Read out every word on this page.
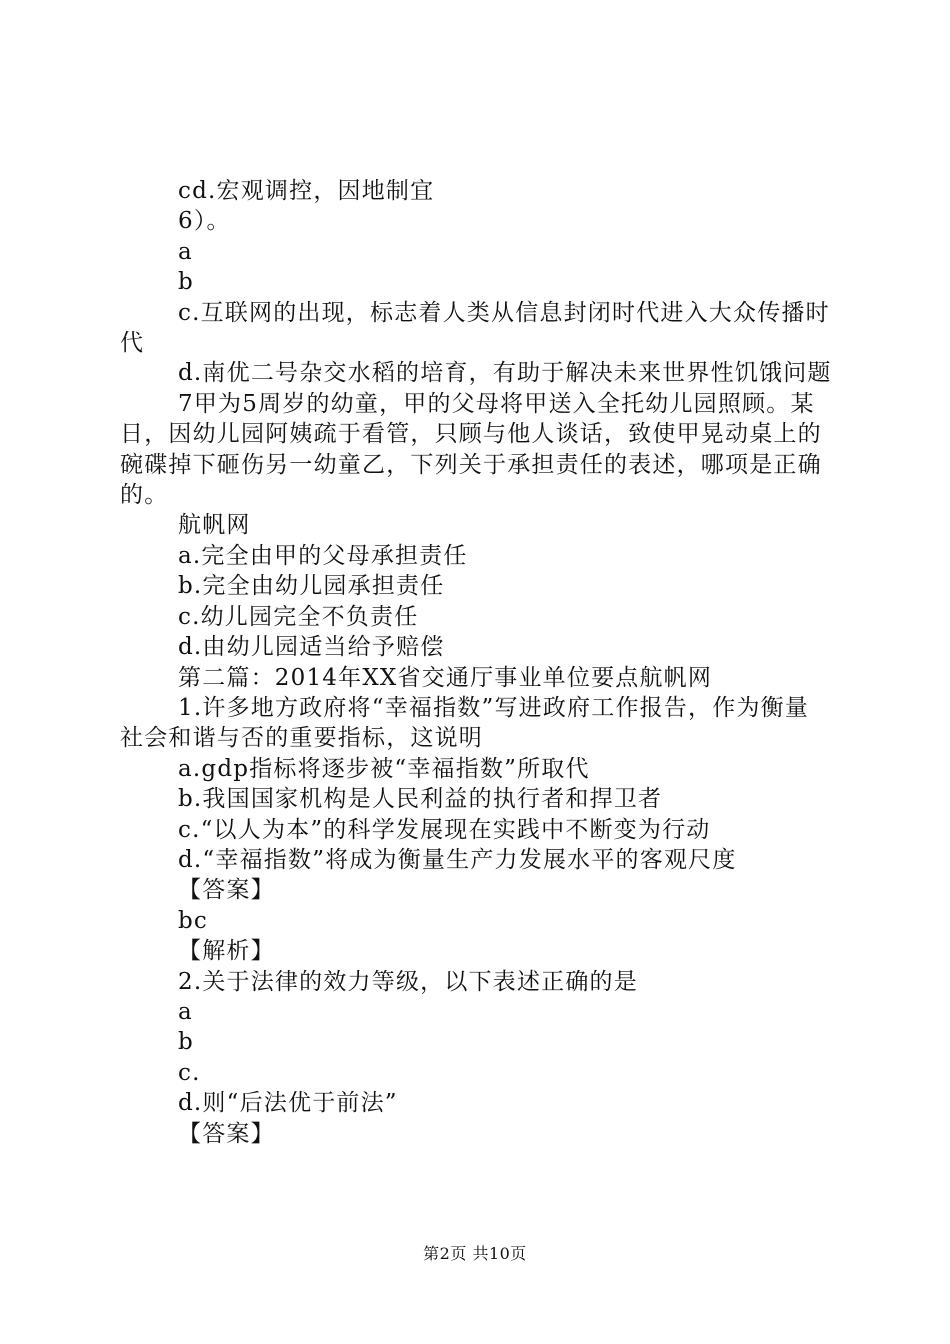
cd.宏观调控，因地制宜
6）。
a
b
c.互联网的出现，标志着人类从信息封闭时代进入大众传播时代
d.南优二号杂交水稻的培育，有助于解决未来世界性饥饿问题
7甲为5周岁的幼童，甲的父母将甲送入全托幼儿园照顾。某日，因幼儿园阿姨疏于看管，只顾与他人谈话，致使甲晃动桌上的碗碟掉下砸伤另一幼童乙，下列关于承担责任的表述，哪项是正确的。
航帆网
a.完全由甲的父母承担责任
b.完全由幼儿园承担责任
c.幼儿园完全不负责任
d.由幼儿园适当给予赔偿
第二篇：2014年XX省交通厅事业单位要点航帆网
1.许多地方政府将“幸福指数”写进政府工作报告，作为衡量社会和谐与否的重要指标，这说明
a.gdp指标将逐步被“幸福指数”所取代
b.我国国家机构是人民利益的执行者和捍卫者
c.“以人为本”的科学发展现在实践中不断变为行动
d.“幸福指数”将成为衡量生产力发展水平的客观尺度
【答案】
bc
【解析】
2.关于法律的效力等级，以下表述正确的是
a
b
c.
d.则“后法优于前法”
【答案】
第2页 共10页
